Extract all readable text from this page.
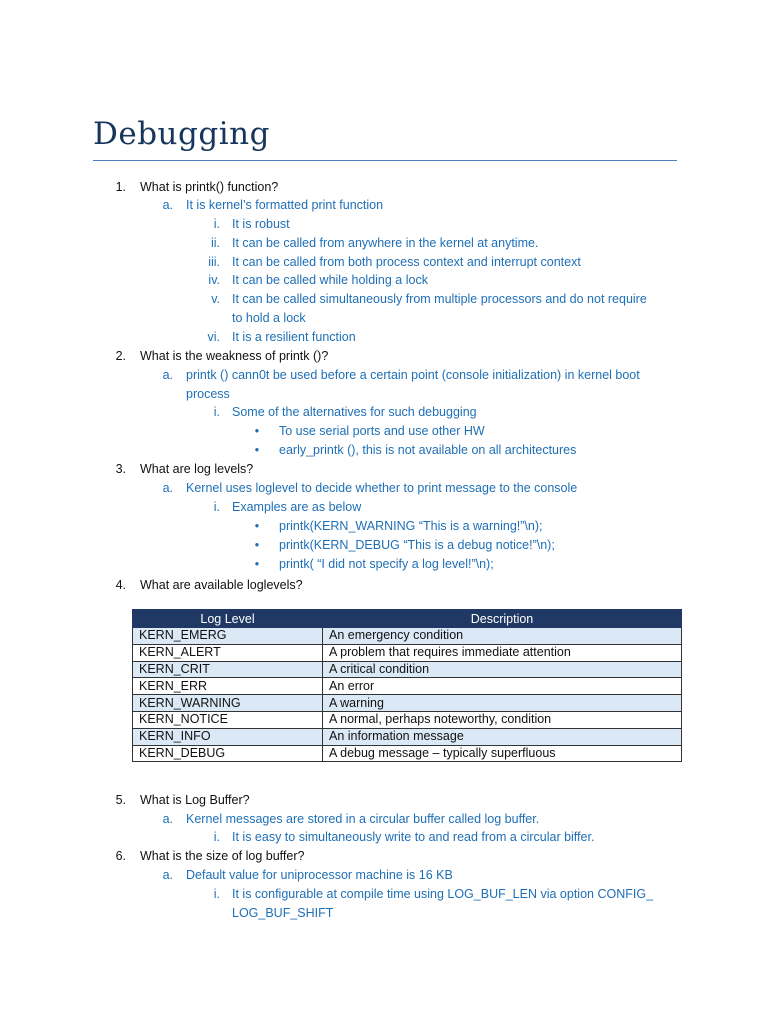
Debugging
1. What is printk() function?
a. It is kernel’s formatted print function
i. It is robust
ii. It can be called from anywhere in the kernel at anytime.
iii. It can be called from both process context and interrupt context
iv. It can be called while holding a lock
v. It can be called simultaneously from multiple processors and do not require
to hold a lock
vi. It is a resilient function
2. What is the weakness of printk ()?
a. printk () cann0t be used before a certain point (console initialization) in kernel boot
process
i. Some of the alternatives for such debugging
•	To use serial ports and use other HW
•	early_printk (), this is not available on all architectures
3. What are log levels?
a. Kernel uses loglevel to decide whether to print message to the console
i. Examples are as below
•	printk(KERN_WARNING “This is a warning!”\n);
•	printk(KERN_DEBUG “This is a debug notice!”\n);
•	printk( “I did not specify a log level!”\n);
4. What are available loglevels?
Log Level	Description
KERN_EMERG	An emergency condition
KERN_ALERT	A problem that requires immediate attention
KERN_CRIT	A critical condition
KERN_ERR	An error
KERN_WARNING	A warning
KERN_NOTICE	A normal, perhaps noteworthy, condition
KERN_INFO	An information message
KERN_DEBUG	A debug message – typically superfluous
5. What is Log Buffer?
a. Kernel messages are stored in a circular buffer called log buffer.
i. It is easy to simultaneously write to and read from a circular biffer.
6. What is the size of log buffer?
a. Default value for uniprocessor machine is 16 KB
i. It is configurable at compile time using LOG_BUF_LEN via option CONFIG_
LOG_BUF_SHIFT
